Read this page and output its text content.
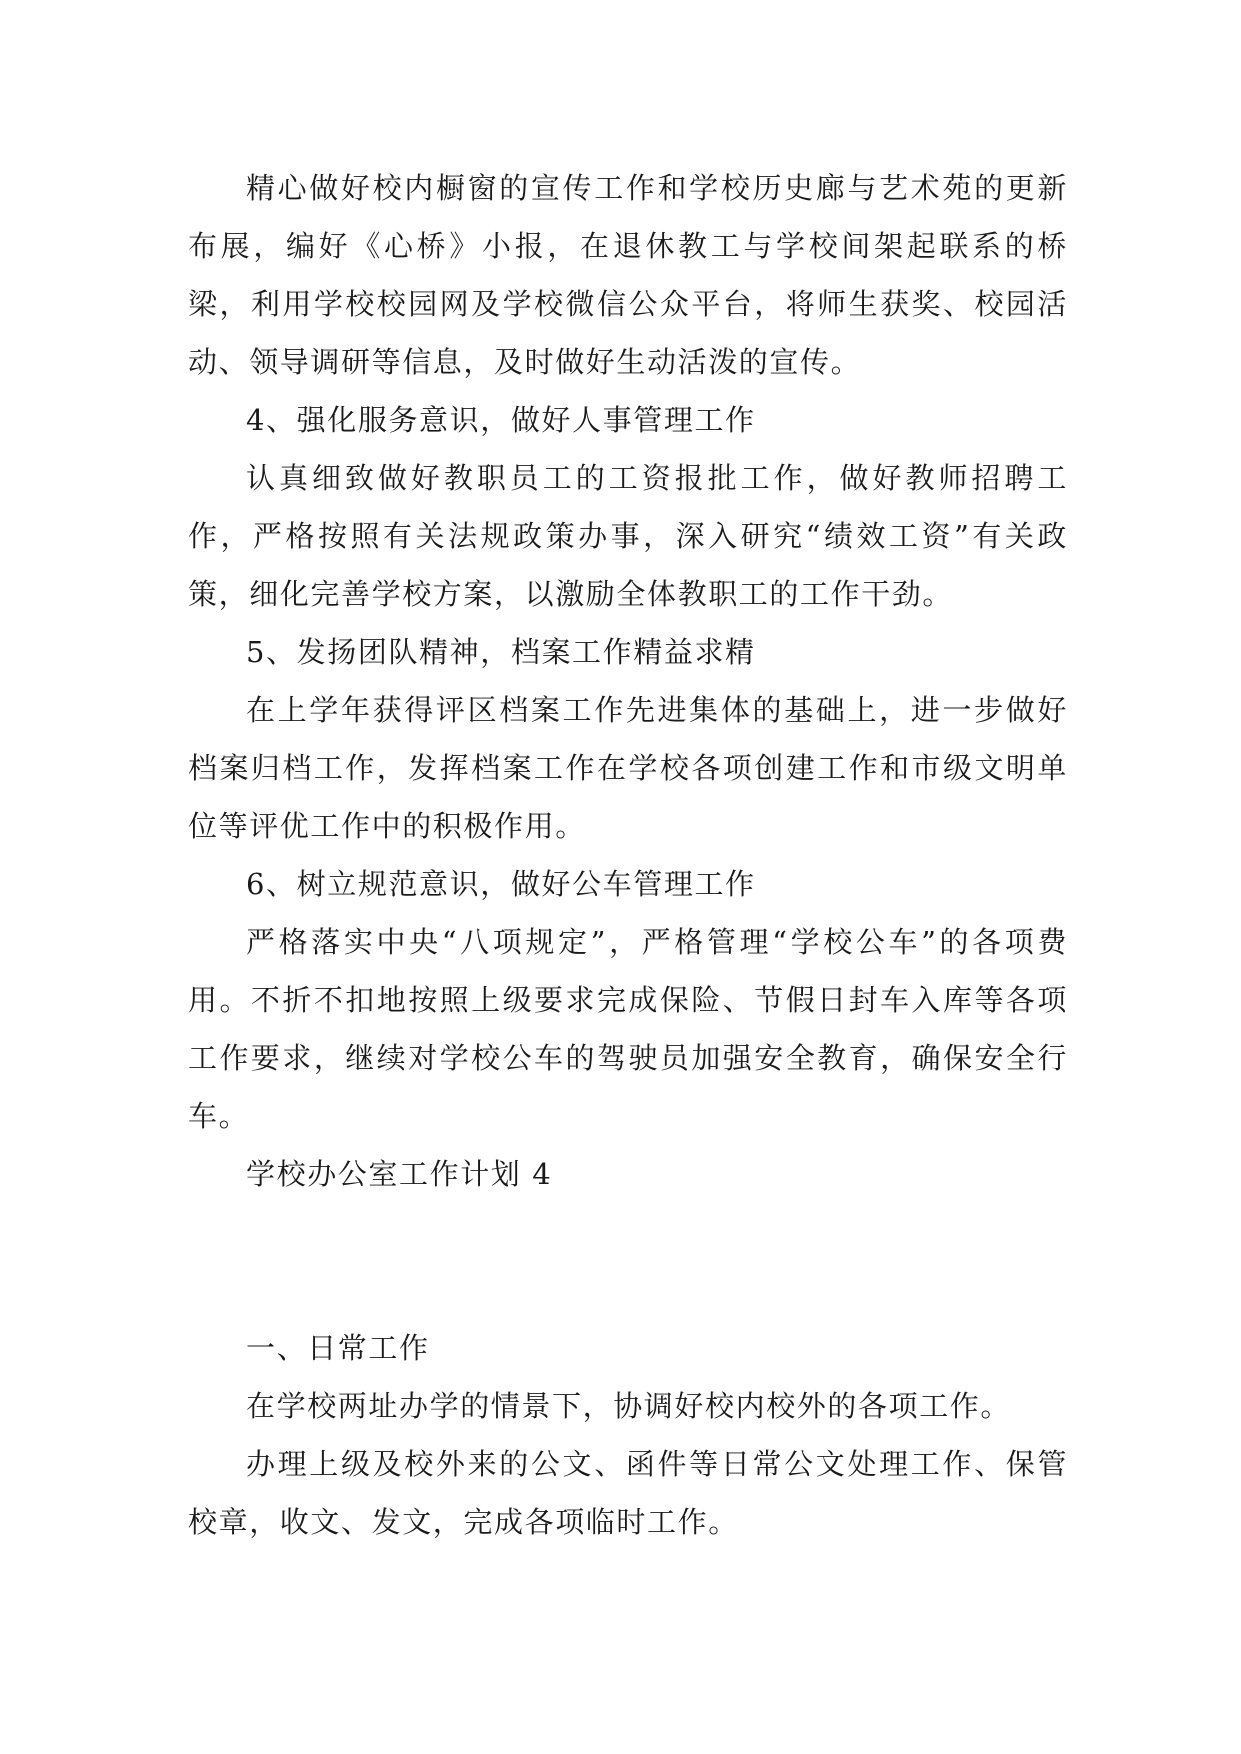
精心做好校内橱窗的宣传工作和学校历史廊与艺术苑的更新布展，编好《心桥》小报，在退休教工与学校间架起联系的桥梁，利用学校校园网及学校微信公众平台，将师生获奖、校园活动、领导调研等信息，及时做好生动活泼的宣传。

4、强化服务意识，做好人事管理工作

认真细致做好教职员工的工资报批工作，做好教师招聘工作，严格按照有关法规政策办事，深入研究“绩效工资”有关政策，细化完善学校方案，以激励全体教职工的工作干劲。

5、发扬团队精神，档案工作精益求精

在上学年获得评区档案工作先进集体的基础上，进一步做好档案归档工作，发挥档案工作在学校各项创建工作和市级文明单位等评优工作中的积极作用。

6、树立规范意识，做好公车管理工作

严格落实中央“八项规定”，严格管理“学校公车”的各项费用。不折不扣地按照上级要求完成保险、节假日封车入库等各项工作要求，继续对学校公车的驾驶员加强安全教育，确保安全行车。

学校办公室工作计划 4

一、日常工作

在学校两址办学的情景下，协调好校内校外的各项工作。

办理上级及校外来的公文、函件等日常公文处理工作、保管校章，收文、发文，完成各项临时工作。
